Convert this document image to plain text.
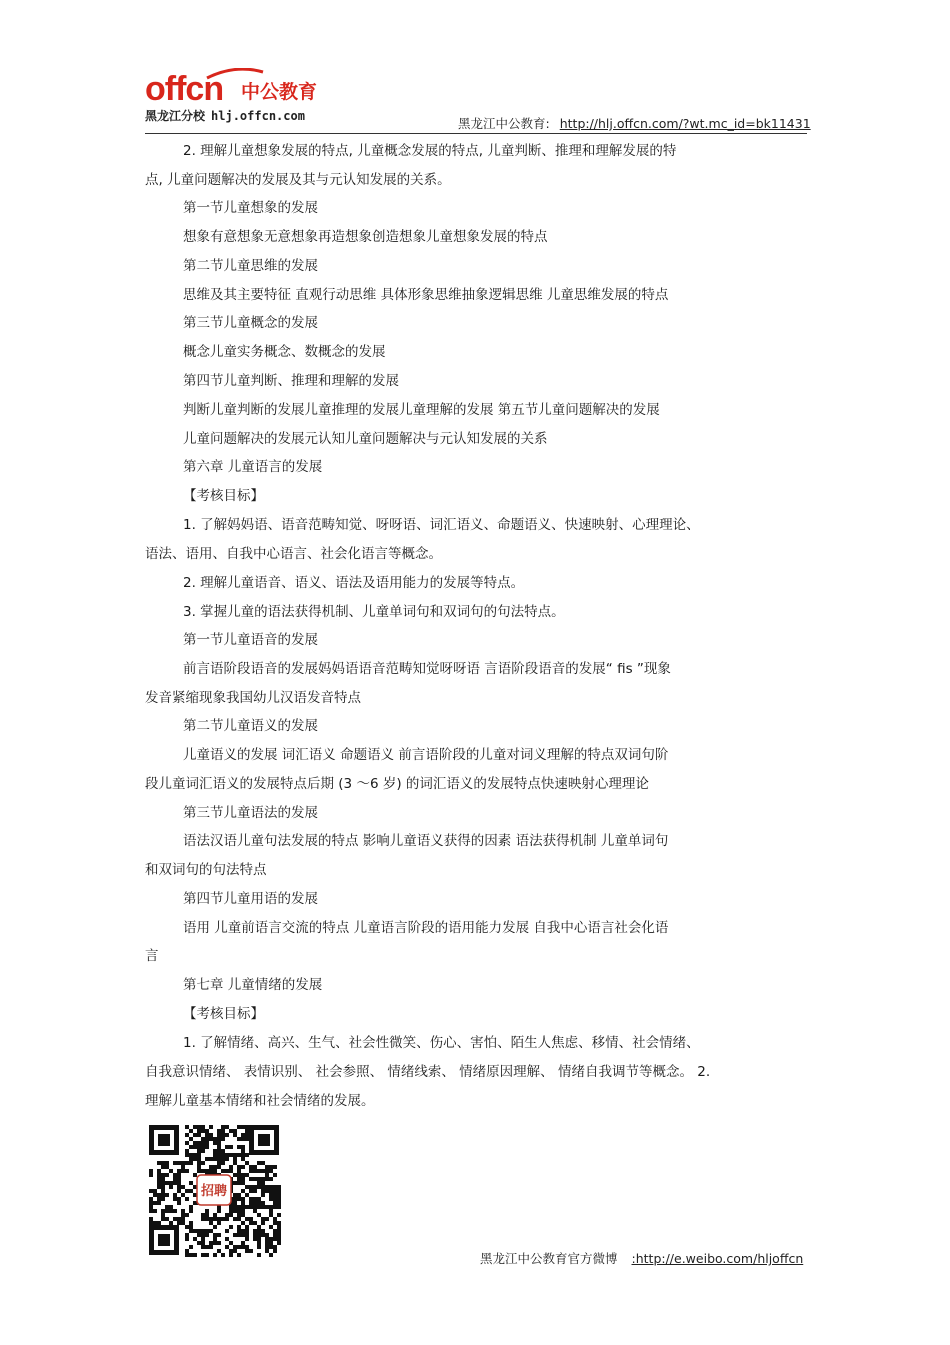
offcn 中公教育
黑龙江分校 hlj.offcn.com	黑龙江中公教育: http://hlj.offcn.com/?wt.mc_id=bk11431
2. 理解儿童想象发展的特点, 儿童概念发展的特点, 儿童判断、推理和理解发展的特
点, 儿童问题解决的发展及其与元认知发展的关系。
第一节儿童想象的发展
想象有意想象无意想象再造想象创造想象儿童想象发展的特点
第二节儿童思维的发展
思维及其主要特征 直观行动思维 具体形象思维抽象逻辑思维 儿童思维发展的特点
第三节儿童概念的发展
概念儿童实务概念、数概念的发展
第四节儿童判断、推理和理解的发展
判断儿童判断的发展儿童推理的发展儿童理解的发展 第五节儿童问题解决的发展
儿童问题解决的发展元认知儿童问题解决与元认知发展的关系
第六章 儿童语言的发展
【考核目标】
1. 了解妈妈语、语音范畴知觉、呀呀语、词汇语义、命题语义、快速映射、心理理论、
语法、语用、自我中心语言、社会化语言等概念。
2. 理解儿童语音、语义、语法及语用能力的发展等特点。
3. 掌握儿童的语法获得机制、儿童单词句和双词句的句法特点。
第一节儿童语音的发展
前言语阶段语音的发展妈妈语语音范畴知觉呀呀语 言语阶段语音的发展“ fis ”现象
发音紧缩现象我国幼儿汉语发音特点
第二节儿童语义的发展
儿童语义的发展 词汇语义 命题语义 前言语阶段的儿童对词义理解的特点双词句阶
段儿童词汇语义的发展特点后期 (3 ～6 岁) 的词汇语义的发展特点快速映射心理理论
第三节儿童语法的发展
语法汉语儿童句法发展的特点 影响儿童语义获得的因素 语法获得机制 儿童单词句
和双词句的句法特点
第四节儿童用语的发展
语用 儿童前语言交流的特点 儿童语言阶段的语用能力发展 自我中心语言社会化语
言
第七章 儿童情绪的发展
【考核目标】
1. 了解情绪、高兴、生气、社会性微笑、伤心、害怕、陌生人焦虑、移情、社会情绪、
自我意识情绪、 表情识别、 社会参照、 情绪线索、 情绪原因理解、 情绪自我调节等概念。 2.
理解儿童基本情绪和社会情绪的发展。
招聘
黑龙江中公教育官方微博 :http://e.weibo.com/hljoffcn
